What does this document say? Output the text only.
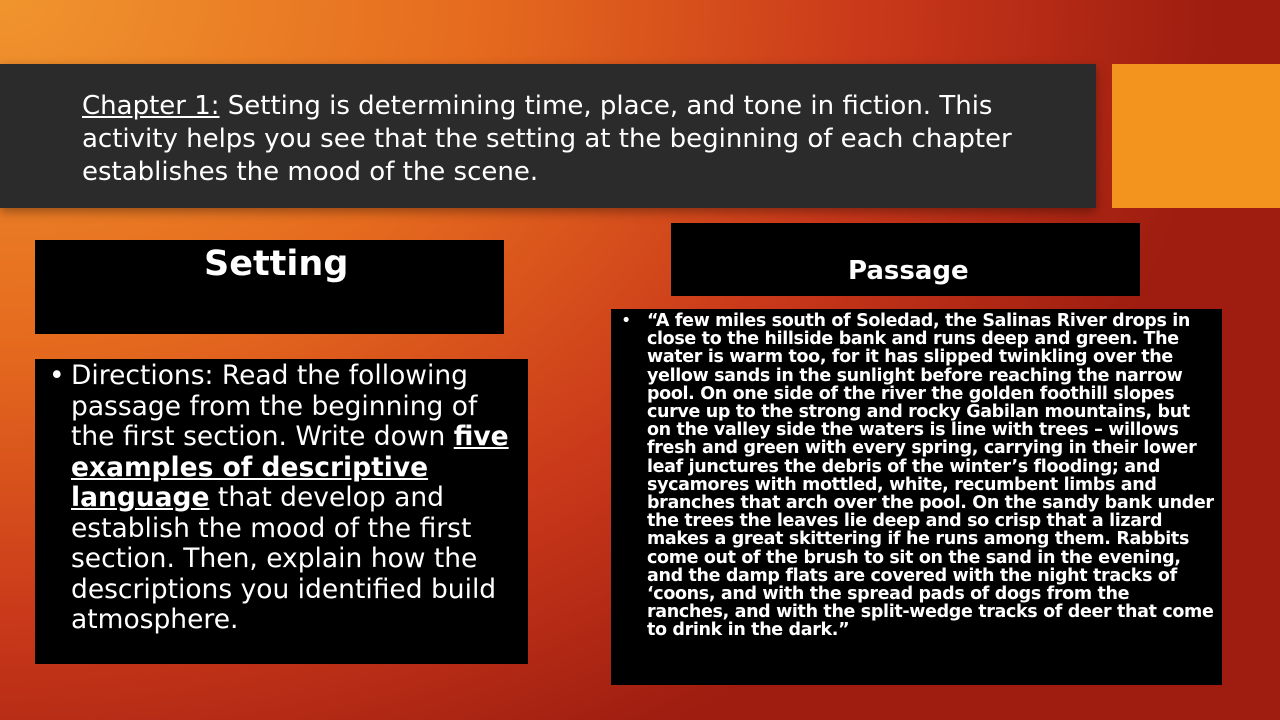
Chapter 1: Setting is determining time, place, and tone in fiction. This activity helps you see that the setting at the beginning of each chapter establishes the mood of the scene.

Setting	Passage
• Directions: Read the following passage from the beginning of the first section. Write down five examples of descriptive language that develop and establish the mood of the first section. Then, explain how the descriptions you identified build atmosphere.
• “A few miles south of Soledad, the Salinas River drops in close to the hillside bank and runs deep and green. The water is warm too, for it has slipped twinkling over the yellow sands in the sunlight before reaching the narrow pool. On one side of the river the golden foothill slopes curve up to the strong and rocky Gabilan mountains, but on the valley side the waters is line with trees – willows fresh and green with every spring, carrying in their lower leaf junctures the debris of the winter’s flooding; and sycamores with mottled, white, recumbent limbs and branches that arch over the pool. On the sandy bank under the trees the leaves lie deep and so crisp that a lizard makes a great skittering if he runs among them. Rabbits come out of the brush to sit on the sand in the evening, and the damp flats are covered with the night tracks of ‘coons, and with the spread pads of dogs from the ranches, and with the split-wedge tracks of deer that come to drink in the dark.”
